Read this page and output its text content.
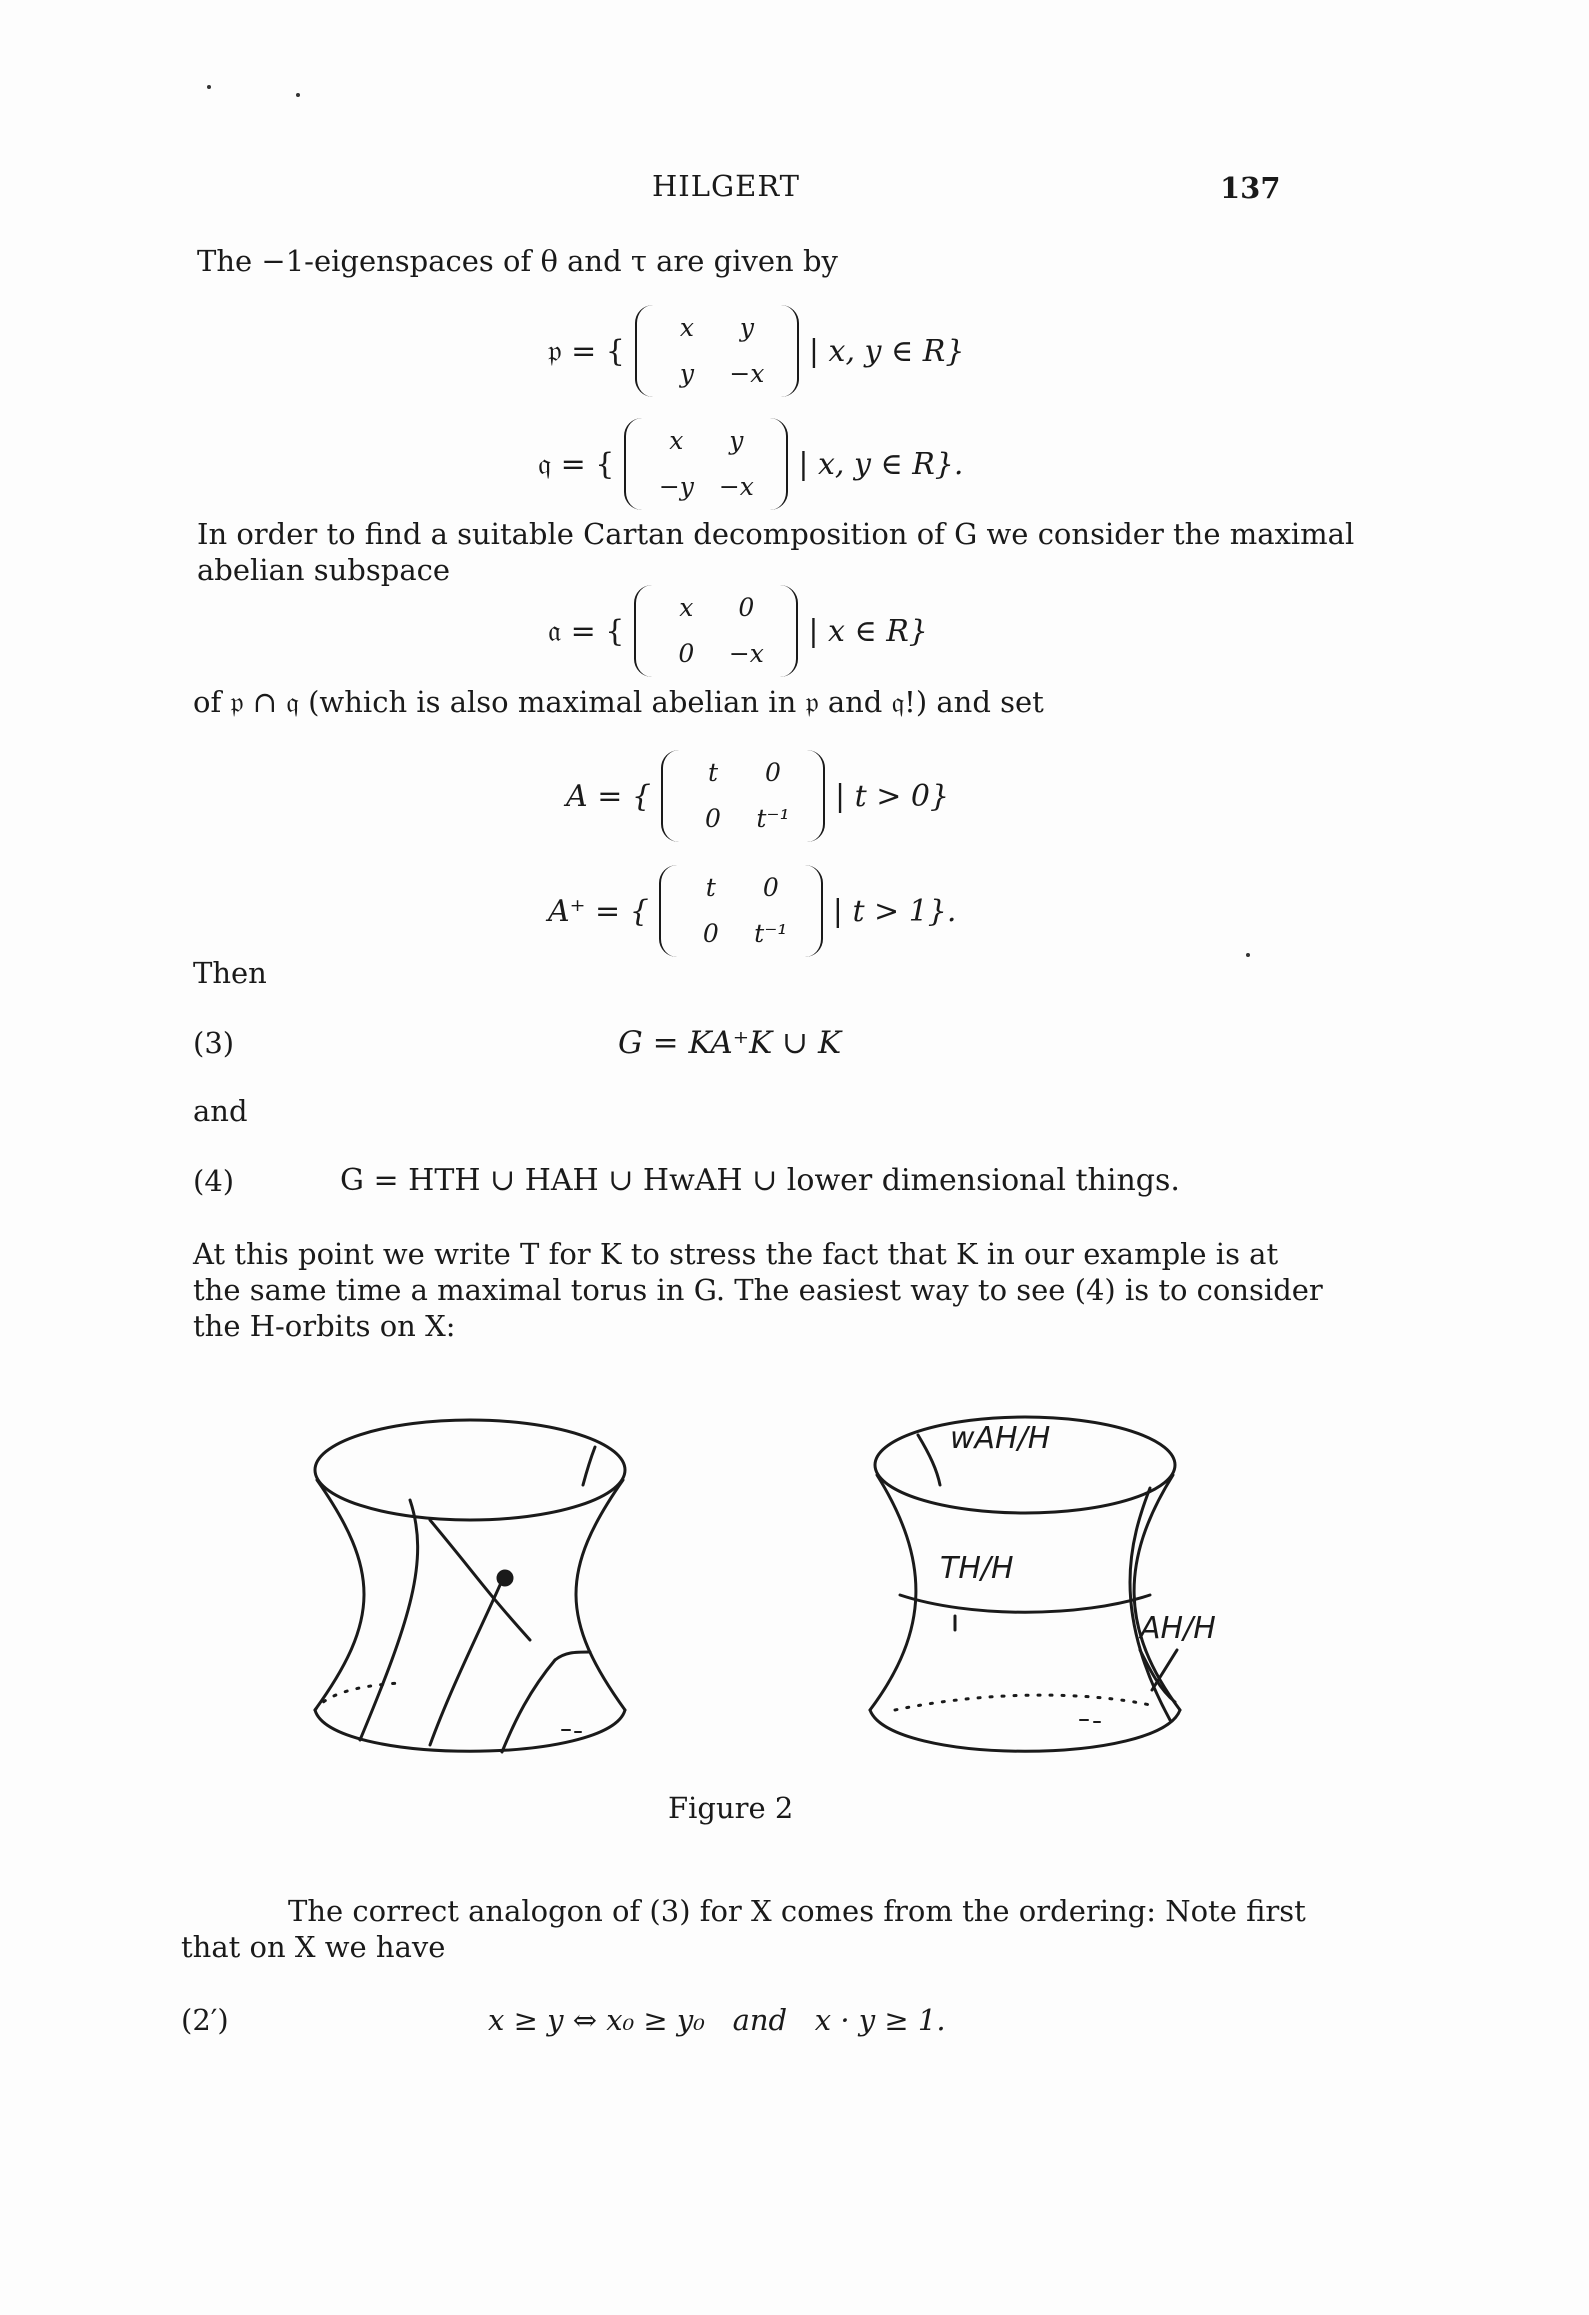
HILGERT	137
The −1-eigenspaces of θ and τ are given by
𝔭 = {
x	y
y	−x
| x, y ∈ R}
𝔮 = {
x	y
−y −x
| x, y ∈ R}.
In order to find a suitable Cartan decomposition of G we consider the maximal
abelian subspace
𝔞 = {
x	0
0	−x
| x ∈ R}
of 𝔭 ∩ 𝔮 (which is also maximal abelian in 𝔭 and 𝔮!) and set
A = {
t	0
0	t⁻¹
| t > 0}
A⁺ = {
t	0
0	t⁻¹
| t > 1}.
Then
(3)	G = KA⁺K ∪ K
and
(4)	G = HTH ∪ HAH ∪ HwAH ∪ lower dimensional things.
At this point we write T for K to stress the fact that K in our example is at
the same time a maximal torus in G. The easiest way to see (4) is to consider
the H-orbits on X:
wAH/H
TH/H
AH/H
Figure 2
The correct analogon of (3) for X comes from the ordering: Note first
that on X we have
(2′)	x ≥ y ⇔ x₀ ≥ y₀   and   x · y ≥ 1.
